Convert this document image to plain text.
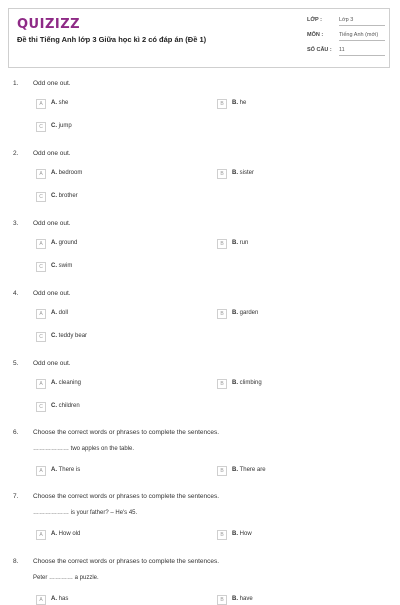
QUIZIZZ
Đề thi Tiếng Anh lớp 3 Giữa học kì 2 có đáp án (Đề 1)
LỚP :	Lớp 3
MÔN :	Tiếng Anh (mới)
SỐ CÂU : 11
1. Odd one out.
A	A. she	B	B. he
C	C. jump
2. Odd one out.
A	A. bedroom	B	B. sister
C	C. brother
3. Odd one out.
A	A. ground	B	B. run
C	C. swim
4. Odd one out.
A	A. doll	B	B. garden
C	C. teddy bear
5. Odd one out.
A	A. cleaning	B	B. climbing
C	C. children
6. Choose the correct words or phrases to complete the sentences.
……………… two apples on the table.
A	A. There is	B	B. There are
7. Choose the correct words or phrases to complete the sentences.
……………… is your father? – He's 45.
A	A. How old	B	B. How
8. Choose the correct words or phrases to complete the sentences.
Peter ………… a puzzle.
A	A. has	B	B. have
